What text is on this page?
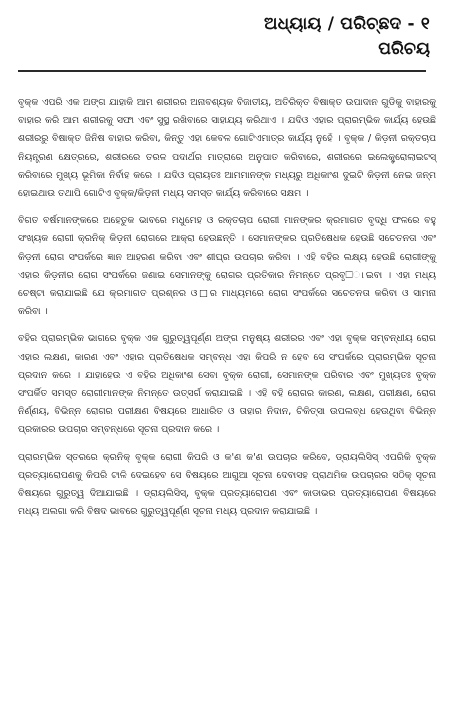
ଅଧ୍ୟାୟ / ପରିଚ୍ଛଦ - ୧
ପରିଚୟ

ବୃକ୍କ ଏପରି ଏକ ଅଙ୍ଗ ଯାହାକି ଆମ ଶରୀରର ଅନାବଶ୍ୟକ ବିଜାତୀୟ, ଅତିରିକ୍ତ ବିଷାକ୍ତ ଉପାଦାନ ଗୁଡିକୁ ବାହାରକୁ ବାହାର କରି ଆମ ଶରୀରକୁ ସଫା ଏବଂ ସୁସ୍ଥ ରଖିବାରେ ସାହାଯ୍ୟ କରିଥାଏ । ଯଦିଓ ଏହାର ପ୍ରାରମ୍ଭିକ କାର୍ଯ୍ୟ ହେଉଛି ଶରୀରରୁ ବିଷାକ୍ତ ଜିନିଷ ବାହାର କରିବା, କିନ୍ତୁ ଏହା କେବଳ ଗୋଟିଏମାତ୍ର କାର୍ଯ୍ୟ ନୁହେଁ । ବୃକ୍କ / କିଡ଼ନୀ ରକ୍ତଚାପ ନିୟନ୍ତ୍ରଣ କ୍ଷେତ୍ରରେ, ଶରୀରରେ ତରଳ ପଦାର୍ଥର ମାତ୍ରାରେ ଅନୁପାତ କରିବାରେ, ଶରୀରରେ ଇଲେକ୍ଟ୍ରୋଲାଇଟସ୍ କରିବାରେ ମୁଖ୍ୟ ଭୂମିକା ନିର୍ବାହ କରେ । ଯଦିଓ ପ୍ରାୟତଃ ଆମମାନଙ୍କ ମଧ୍ୟରୁ ଅଧିକାଂଶ ଦୁଇଟି କିଡ଼ନୀ ନେଇ ଜନ୍ମ ହୋଇଥାଉ ତଥାପି ଗୋଟିଏ ବୃକ୍କ/କିଡ଼ନୀ ମଧ୍ୟ ସମସ୍ତ କାର୍ଯ୍ୟ କରିବାରେ ସକ୍ଷମ ।

ବିଗତ ବର୍ଷମାନଙ୍କରେ ଅହେତୁକ ଭାବରେ ମଧୁମେହ ଓ ରକ୍ତଚାପ ରୋଗୀ ମାନଙ୍କର କ୍ରମାଗତ ବୃଦ୍ଧି ଫଳରେ ବହୁ ସଂଖ୍ୟକ ରୋଗୀ କ୍ରନିକ୍ କିଡ଼ନୀ ରୋଗରେ ଆକ୍ରା ହେଉଛନ୍ତି । ସେମାନଙ୍କର ପ୍ରତିଷେଧକ ହେଉଛି ସଚେତନତା ଏବଂ କିଡ଼ନୀ ରୋଗ ସଂପର୍କରେ ଜ୍ଞାନ ଆହରଣ କରିବା ଏବଂ ଶୀଘ୍ର ଉପଚାର କରିବା । ଏହି ବହିର ଲକ୍ଷ୍ୟ ହେଉଛି ରୋଗୀଙ୍କୁ ଏହାର କିଡ଼ନୀର ରୋଗ ସଂପର୍କରେ ଜଣାଇ ସେମାନଙ୍କୁ ରୋଗର ପ୍ରତିକାର ନିମନ୍ତେ ପ୍ରବୃ□ାଇବା । ଏହା ମଧ୍ୟ ଚେଷ୍ଟା କରାଯାଇଛି ଯେ କ୍ରମାଗତ ପ୍ରଶ୍ନର ଓ□ର ମାଧ୍ୟମରେ ରୋଗ ସଂପର୍କରେ ସଚେତନତା କରିବା ଓ ସାମନା କରିବା ।

ବହିର ପ୍ରାରମ୍ଭିକ ଭାଗରେ ବୃକ୍କ ଏକ ଗୁରୁତ୍ୱପୂର୍ଣ୍ଣ ଅଙ୍ଗ ମନୁଷ୍ୟ ଶରୀରର ଏବଂ ଏହା ବୃକ୍କ ସମ୍ବନ୍ଧୀୟ ରୋଗ ଏହାର ଲକ୍ଷଣ, କାରଣ ଏବଂ ଏହାର ପ୍ରତିଷେଧକ ସମ୍ବନ୍ଧ ଏହା କିପରି ନ ହେବ ସେ ସଂପର୍କରେ ପ୍ରାରମ୍ଭିକ ସୂଚନା ପ୍ରଦାନ କରେ । ଯାହାହେଉ ଏ ବହିର ଅଧିକାଂଶ ସେବା ବୃକ୍କ ରୋଗୀ, ସେମାନଙ୍କ ପରିବାର ଏବଂ ମୁଖ୍ୟତଃ ବୃକ୍କ ସଂପର୍କିତ ସମସ୍ତ ରୋଗୀମାନଙ୍କ ନିମନ୍ତେ ଉତ୍ସର୍ଗ କରାଯାଇଛି । ଏହି ବହି ରୋଗର କାରଣ, ଲକ୍ଷଣ, ପରୀକ୍ଷଣ, ରୋଗ ନିର୍ଣ୍ଣୟ, ବିଭିନ୍ନ ରୋଗର ପରୀକ୍ଷଣ ବିଷୟରେ ଆଧାରିତ ଓ ତାହାର ନିଦାନ, ଚିକିତ୍ସା ଉପଲବ୍ଧ ହେଉଥିବା ବିଭିନ୍ନ ପ୍ରକାରର ଉପଚାର ସମ୍ବନ୍ଧରେ ସୂଚନା ପ୍ରଦାନ କରେ ।

ପ୍ରାରମ୍ଭିକ ସ୍ତରରେ କ୍ରନିକ୍ ବୃକ୍କ ରୋଗୀ କିପରି ଓ କ'ଣ କ'ଣ ଉପଚାର କରିବେ, ଡ୍ରାୟଲିସିସ୍ ଏପରିକି ବୃକ୍କ ପ୍ରତ୍ୟାରୋପଣକୁ କିପରି ଟାଳି ଦେଇହେବ ସେ ବିଷୟରେ ଆଗୁଆ ସୂଚନା ଦେବାସହ ପ୍ରାଥମିକ ଉପଚାରର ସଠିକ୍ ସୂଚନା ବିଷୟରେ ଗୁରୁତ୍ୱ ଦିଆଯାଇଛି । ଡ୍ରାୟଲିସିସ୍, ବୃକ୍କ ପ୍ରତ୍ୟାରୋପଣ ଏବଂ କାଡାଭର ପ୍ରତ୍ୟାରୋପଣ ବିଷୟରେ ମଧ୍ୟ ଅଲଗା କରି ବିଷଦ ଭାବରେ ଗୁରୁତ୍ୱପୂର୍ଣ୍ଣ ସୂଚନା ମଧ୍ୟ ପ୍ରଦାନ କରାଯାଇଛି ।
